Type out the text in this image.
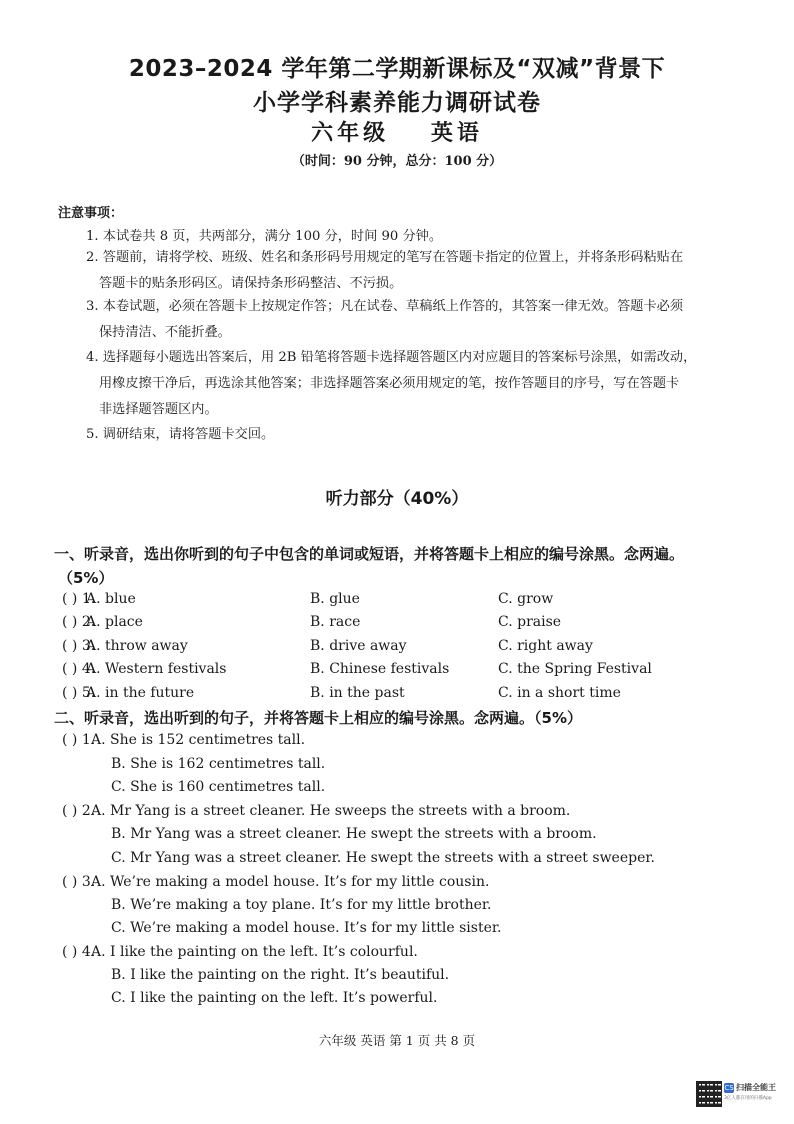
2023–2024 学年第二学期新课标及“双减”背景下
小学学科素养能力调研试卷
六年级 英语
（时间：90 分钟，总分：100 分）
注意事项：
1. 本试卷共 8 页，共两部分，满分 100 分，时间 90 分钟。
2. 答题前，请将学校、班级、姓名和条形码号用规定的笔写在答题卡指定的位置上，并将条形码粘贴在
答题卡的贴条形码区。请保持条形码整洁、不污损。
3. 本卷试题，必须在答题卡上按规定作答；凡在试卷、草稿纸上作答的，其答案一律无效。答题卡必须
保持清洁、不能折叠。
4. 选择题每小题选出答案后，用 2B 铅笔将答题卡选择题答题区内对应题目的答案标号涂黑，如需改动，
用橡皮擦干净后，再选涂其他答案；非选择题答案必须用规定的笔，按作答题目的序号，写在答题卡
非选择题答题区内。
5. 调研结束，请将答题卡交回。
听力部分（40%）
一、听录音，选出你听到的句子中包含的单词或短语，并将答题卡上相应的编号涂黑。念两遍。
（5%）
( ) 1.
A. blue	B. glue	C. grow
( ) 2.
A. place	B. race	C. praise
( ) 3.
A. throw away	B. drive away	C. right away
( ) 4.
A. Western festivals	B. Chinese festivals	C. the Spring Festival
( ) 5.
A. in the future	B. in the past	C. in a short time
二、听录音，选出听到的句子，并将答题卡上相应的编号涂黑。念两遍。（5%）
( ) 1.
A. She is 152 centimetres tall.
B. She is 162 centimetres tall.
C. She is 160 centimetres tall.
( ) 2.
A. Mr Yang is a street cleaner. He sweeps the streets with a broom.
B. Mr Yang was a street cleaner. He swept the streets with a broom.
C. Mr Yang was a street cleaner. He swept the streets with a street sweeper.
( ) 3.
A. We’re making a model house. It’s for my little cousin.
B. We’re making a toy plane. It’s for my little brother.
C. We’re making a model house. It’s for my little sister.
( ) 4.
A. I like the painting on the left. It’s colourful.
B. I like the painting on the right. It’s beautiful.
C. I like the painting on the left. It’s powerful.
六年级 英语 第 1 页 共 8 页
CS 扫描全能王
3亿人都在用的扫描App
